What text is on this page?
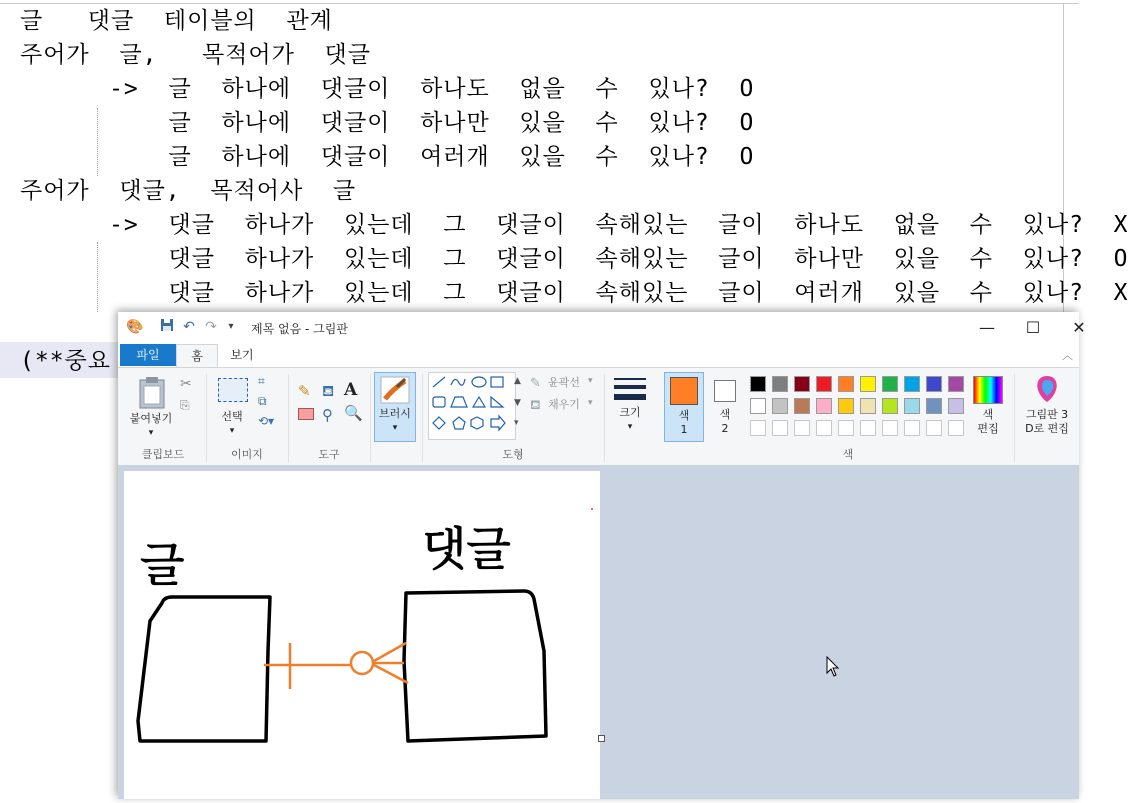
글   댓글  테이블의  관계
주어가  글,   목적어가  댓글
->  글  하나에  댓글이  하나도  없을  수  있나?  O
글  하나에  댓글이  하나만  있을  수  있나?  O
글  하나에  댓글이  여러개  있을  수  있나?  O
주어가  댓글,  목적어사  글
->  댓글  하나가  있는데  그  댓글이  속해있는  글이  하나도  없을  수  있나?  X
댓글  하나가  있는데  그  댓글이  속해있는  글이  하나만  있을  수  있나?  O
댓글  하나가  있는데  그  댓글이  속해있는  글이  여러개  있을  수  있나?  X
(**중요
🎨	↶ ↷	▾	제목 없음 - 그림판	—	☐	✕
파일	홈	보기	︿
붙여넣기
▾
✂
⎘
클립보드
선택
▾
⌗
⧉
⟲▾
이미지
✎ ⛾ A
⚲ 🔍
도구
브러시
▾
▲
▼
▾
✎ 윤곽선 ▾
⛾ 채우기 ▾
도형
크기
▾
색
1
색
2
색
편집
색
그림판 3
D로 편집
글	댓글
